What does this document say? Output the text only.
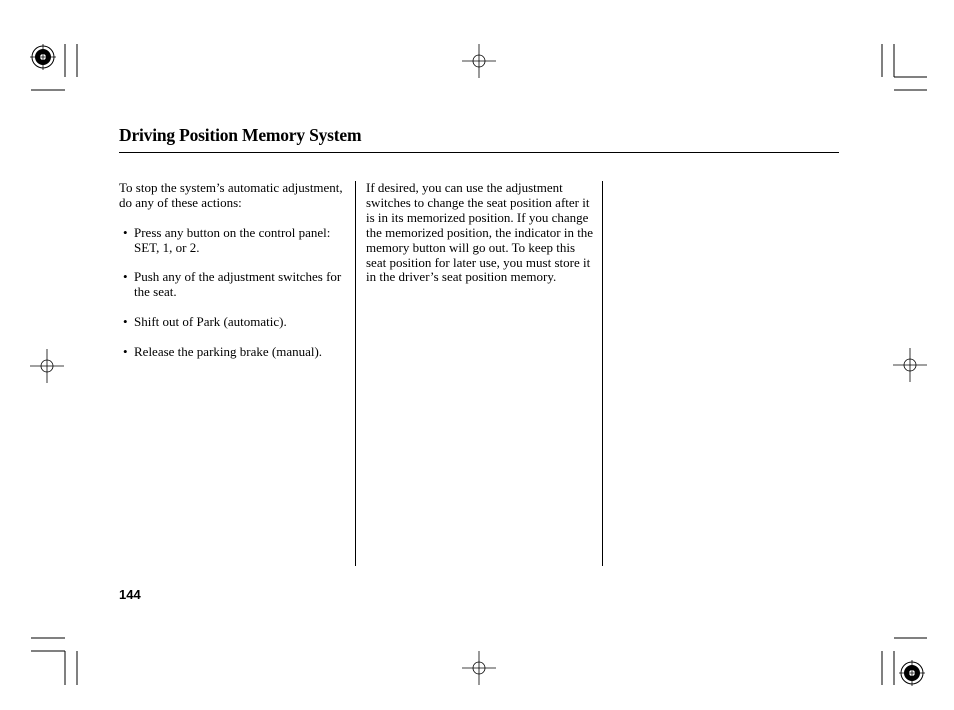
Driving Position Memory System

To stop the system’s automatic adjustment, do any of these actions:

• Press any button on the control panel: SET, 1, or 2.
• Push any of the adjustment switches for the seat.
• Shift out of Park (automatic).
• Release the parking brake (manual).

If desired, you can use the adjustment switches to change the seat position after it is in its memorized position. If you change the memorized position, the indicator in the memory button will go out. To keep this seat position for later use, you must store it in the driver’s seat position memory.

144
